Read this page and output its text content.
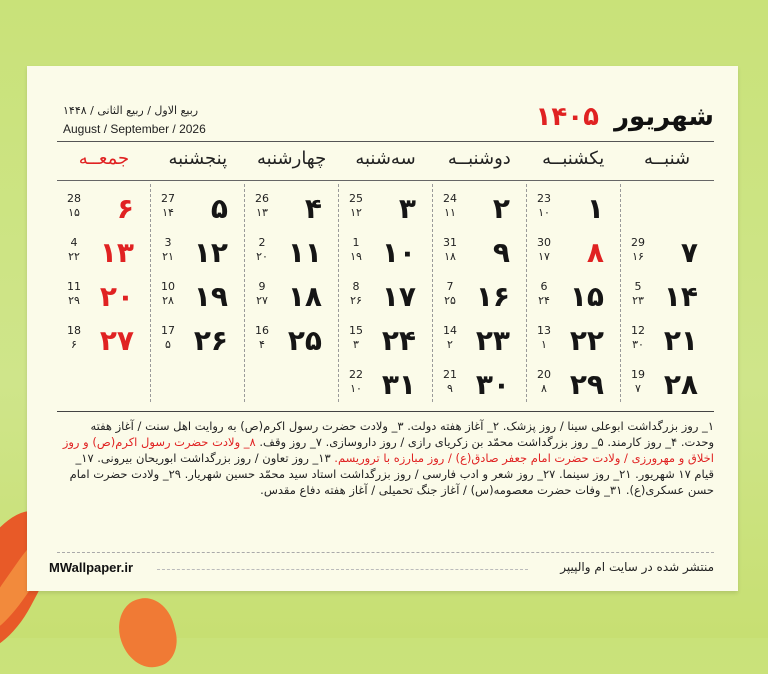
شهریور ۱۴۰۵
ربیع الاول / ربیع الثانی / ۱۴۴۸
August / September / 2026
شنبــه
یکشنبــه
دوشنبــه
سه‌شنبه
چهارشنبه
پنجشنبه
جمعــه
۷
29
۱۶
۱۴
5
۲۳
۲۱
12
۳۰
۲۸
19
۷
۱
23
۱۰
۸
30
۱۷
۱۵
6
۲۴
۲۲
13
۱
۲۹
20
۸
۲
24
۱۱
۹
31
۱۸
۱۶
7
۲۵
۲۳
14
۲
۳۰
21
۹
۳
25
۱۲
۱۰
1
۱۹
۱۷
8
۲۶
۲۴
15
۳
۳۱
22
۱۰
۴
26
۱۳
۱۱
2
۲۰
۱۸
9
۲۷
۲۵
16
۴
۵
27
۱۴
۱۲
3
۲۱
۱۹
10
۲۸
۲۶
17
۵
۶
28
۱۵
۱۳
4
۲۲
۲۰
11
۲۹
۲۷
18
۶
۱_ روز بزرگداشت ابوعلی سینا / روز پزشک. ۲_ آغاز هفته دولت. ۳_ ولادت حضرت رسول اکرم(ص) به روایت اهل سنت / آغاز هفته وحدت. ۴_ روز کارمند. ۵_ روز بزرگداشت محمّد بن زکریای رازی / روز داروسازی. ۷_ روز وقف. ۸_ ولادت حضرت رسول اکرم(ص) و روز اخلاق و مهرورزی / ولادت حضرت امام جعفر صادق(ع) / روز مبارزه با تروریسم. ۱۳_ روز تعاون / روز بزرگداشت ابوریحان بیرونی. ۱۷_ قیام ۱۷ شهریور. ۲۱_ روز سینما. ۲۷_ روز شعر و ادب فارسی / روز بزرگداشت استاد سید محمّد حسین شهریار. ۲۹_ ولادت حضرت امام حسن عسکری(ع). ۳۱_ وفات حضرت معصومه(س) / آغاز جنگ تحمیلی / آغاز هفته دفاع مقدس.
MWallpaper.ir	منتشر شده در سایت ام والپیپر
